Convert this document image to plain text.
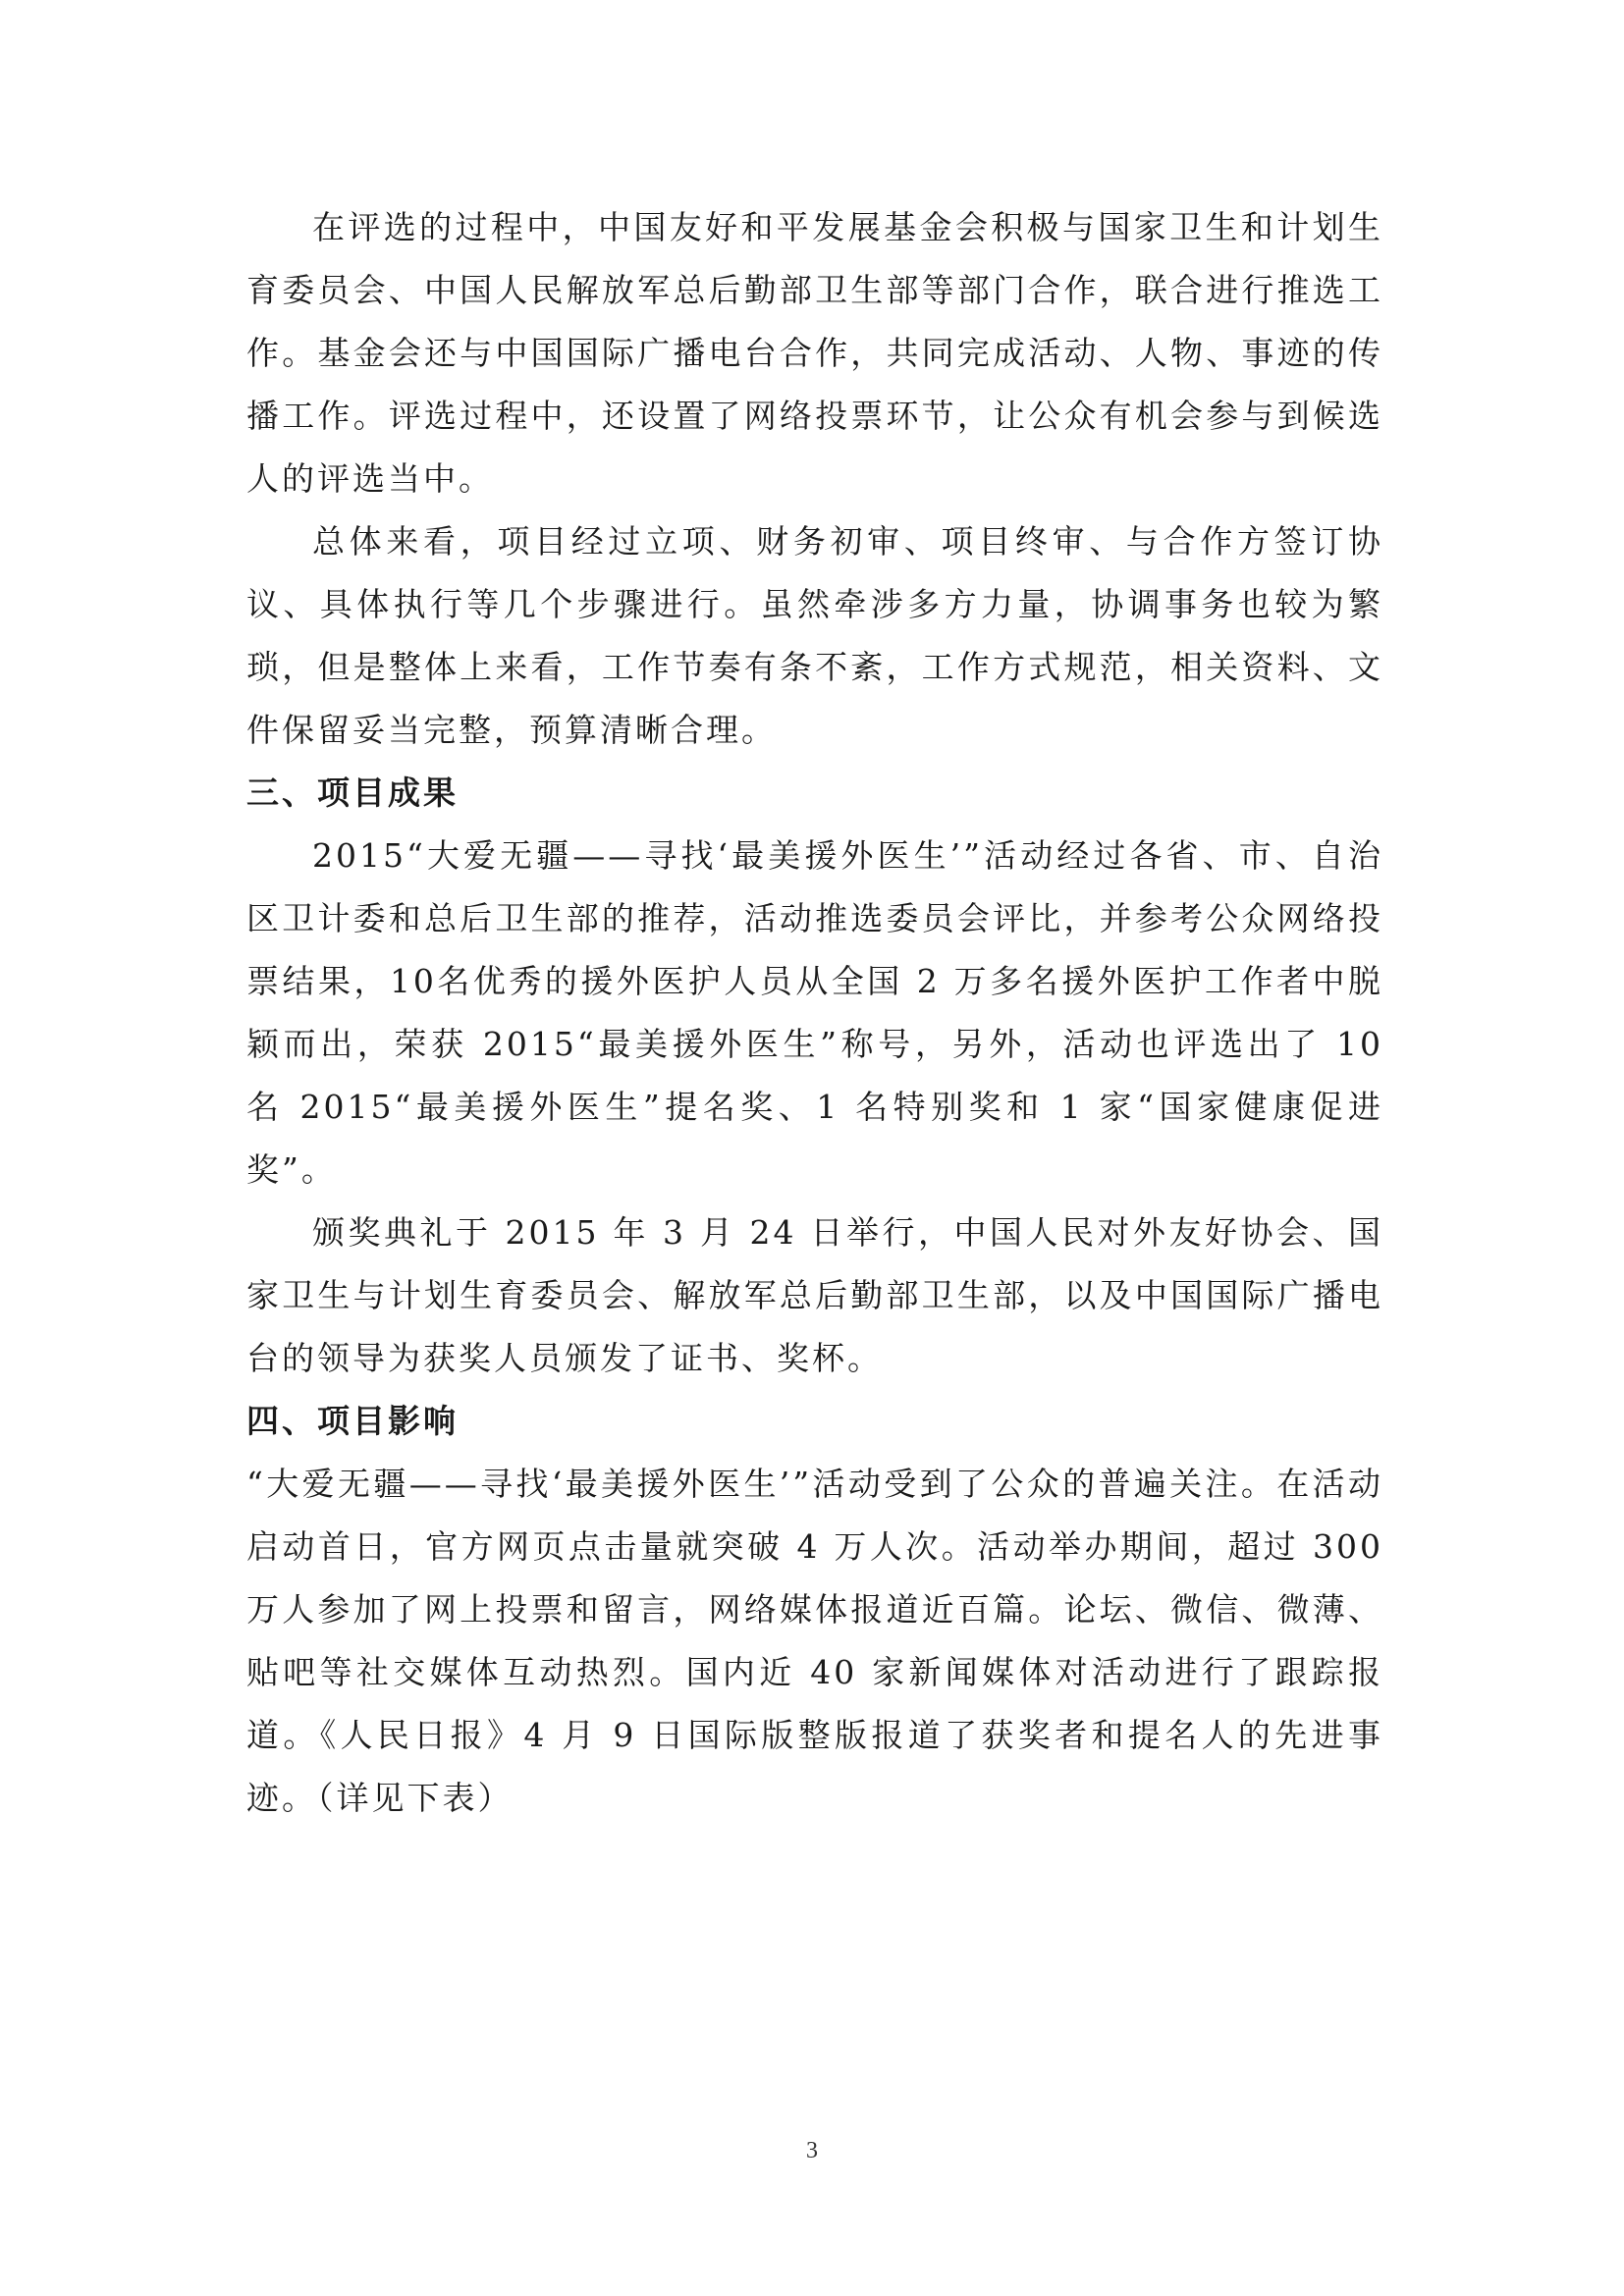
在评选的过程中，中国友好和平发展基金会积极与国家卫生和计划生育委员会、中国人民解放军总后勤部卫生部等部门合作，联合进行推选工作。基金会还与中国国际广播电台合作，共同完成活动、人物、事迹的传播工作。评选过程中，还设置了网络投票环节，让公众有机会参与到候选人的评选当中。

总体来看，项目经过立项、财务初审、项目终审、与合作方签订协议、具体执行等几个步骤进行。虽然牵涉多方力量，协调事务也较为繁琐，但是整体上来看，工作节奏有条不紊，工作方式规范，相关资料、文件保留妥当完整，预算清晰合理。

三、项目成果

2015“大爱无疆——寻找‘最美援外医生’”活动经过各省、市、自治区卫计委和总后卫生部的推荐，活动推选委员会评比，并参考公众网络投票结果，10名优秀的援外医护人员从全国 2 万多名援外医护工作者中脱颖而出，荣获 2015“最美援外医生”称号，另外，活动也评选出了 10 名 2015“最美援外医生”提名奖、1 名特别奖和 1 家“国家健康促进奖”。

颁奖典礼于 2015 年 3 月 24 日举行，中国人民对外友好协会、国家卫生与计划生育委员会、解放军总后勤部卫生部，以及中国国际广播电台的领导为获奖人员颁发了证书、奖杯。

四、项目影响

“大爱无疆——寻找‘最美援外医生’”活动受到了公众的普遍关注。在活动启动首日，官方网页点击量就突破 4 万人次。活动举办期间，超过 300 万人参加了网上投票和留言，网络媒体报道近百篇。论坛、微信、微薄、贴吧等社交媒体互动热烈。国内近 40 家新闻媒体对活动进行了跟踪报道。《人民日报》4 月 9 日国际版整版报道了获奖者和提名人的先进事迹。（详见下表）

3
